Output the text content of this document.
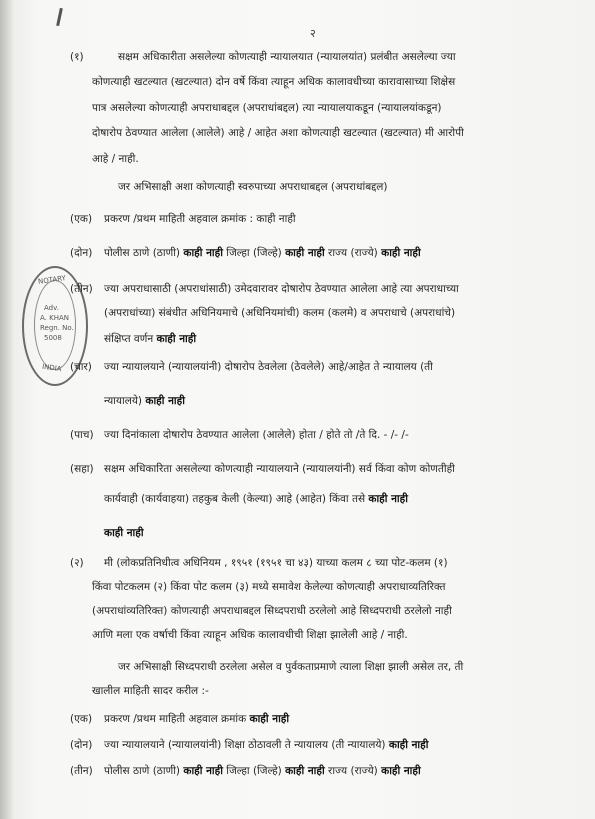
२
NOTARY
Adv.
A. KHAN
Regn. No.
5008
INDIA
(१)	सक्षम अधिकारीता असलेल्या कोणत्याही न्यायालयात (न्यायालयांत) प्रलंबीत असलेल्या ज्या
कोणत्याही खटल्यात (खटल्यात) दोन वर्षे किंवा त्याहून अधिक कालावधीच्या कारावासाच्या शिक्षेस
पात्र असलेल्या कोणत्याही अपराधाबद्दल (अपराधांबद्दल) त्या न्यायालयाकडून (न्यायालयांकडून)
दोषारोप ठेवण्यात आलेला (आलेले) आहे / आहेत अशा कोणत्याही खटल्यात (खटल्यात) मी आरोपी
आहे / नाही.
जर अभिसाक्षी अशा कोणत्याही स्वरुपाच्या अपराधाबद्दल (अपराधांबद्दल)
(एक) प्रकरण /प्रथम माहिती अहवाल क्रमांक : काही नाही
(दोन) पोलीस ठाणे (ठाणी) काही नाही जिल्हा (जिल्हे) काही नाही राज्य (राज्ये) काही नाही
(तीन) ज्या अपराधासाठी (अपराधांसाठी) उमेदवारावर दोषारोप ठेवण्यात आलेला आहे त्या अपराधाच्या
(अपराधांच्या) संबंधीत अधिनियमाचे (अधिनियमांची) कलम (कलमे) व अपराधाचे (अपराधांचे)
संक्षिप्त वर्णन काही नाही
(चार) ज्या न्यायालयाने (न्यायालयांनी) दोषारोप ठेवलेला (ठेवलेले) आहे/आहेत ते न्यायालय (ती
न्यायालये) काही नाही
(पाच) ज्या दिनांकाला दोषारोप ठेवण्यात आलेला (आलेले) होता / होते तो /ते दि. - /- /-
(सहा) सक्षम अधिकारिता असलेल्या कोणत्याही न्यायालयाने (न्यायालयांनी) सर्व किंवा कोण कोणतीही
कार्यवाही (कार्यवाहया) तहकुब केली (केल्या) आहे (आहेत) किंवा तसे काही नाही
काही नाही
(२) मी (लोकप्रतिनिधीत्व अधिनियम , १९५१ (१९५१ चा ४३) याच्या कलम ८ च्या पोट-कलम (१)
किंवा पोटकलम (२) किंवा पोट कलम (३) मध्ये समावेश केलेल्या कोणत्याही अपराधाव्यतिरिक्त
(अपराधांव्यतिरिक्त) कोणत्याही अपराधाबद्दल सिध्दपराधी ठरलेलो आहे सिध्दपराधी ठरलेलो नाही
आणि मला एक वर्षाची किंवा त्याहून अधिक कालावधीची शिक्षा झालेली आहे / नाही.
जर अभिसाक्षी सिध्दपराधी ठरलेला असेल व पुर्वकताप्रमाणे त्याला शिक्षा झाली असेल तर, ती
खालील माहिती सादर करील :-
(एक) प्रकरण /प्रथम माहिती अहवाल क्रमांक काही नाही
(दोन) ज्या न्यायालयाने (न्यायालयांनी) शिक्षा ठोठावली ते न्यायालय (ती न्यायालये) काही नाही
(तीन) पोलीस ठाणे (ठाणी) काही नाही जिल्हा (जिल्हे) काही नाही राज्य (राज्ये) काही नाही
